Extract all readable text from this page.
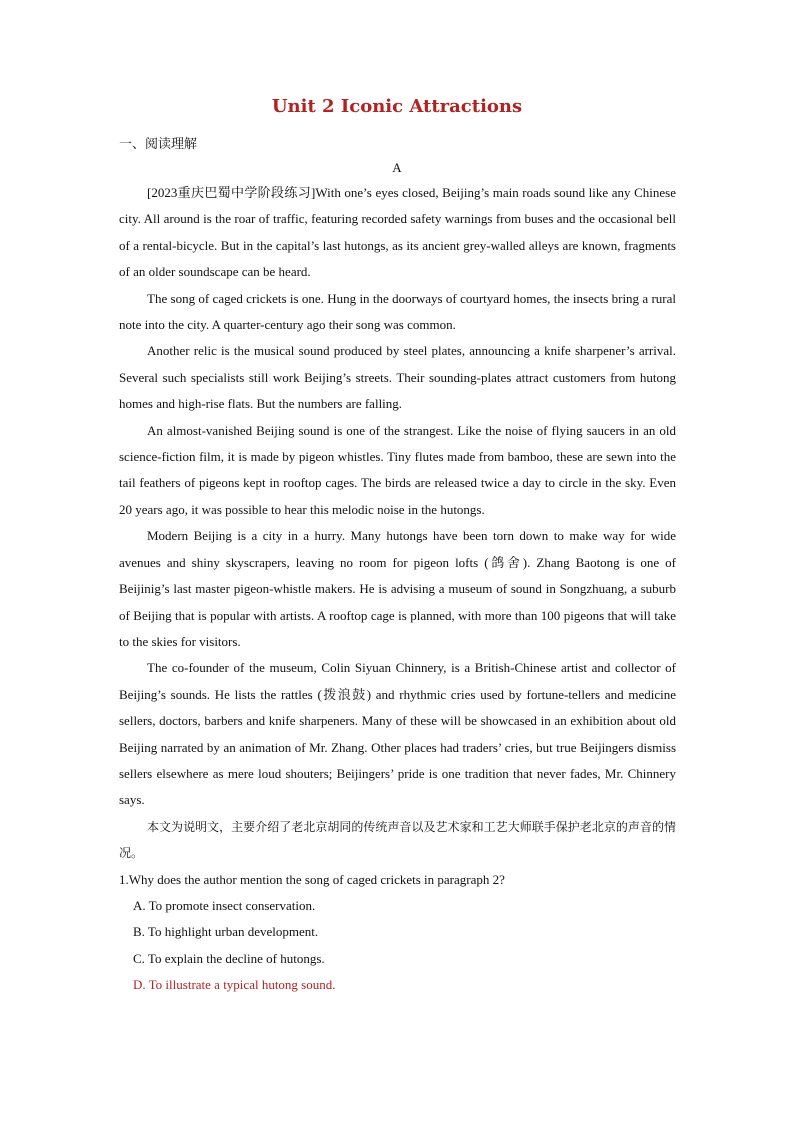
Unit 2 Iconic Attractions
一、阅读理解
A

[2023重庆巴蜀中学阶段练习]With one’s eyes closed, Beijing’s main roads sound like any Chinese city. All around is the roar of traffic, featuring recorded safety warnings from buses and the occasional bell of a rental-bicycle. But in the capital’s last hutongs, as its ancient grey-walled alleys are known, fragments of an older soundscape can be heard.

The song of caged crickets is one. Hung in the doorways of courtyard homes, the insects bring a rural note into the city. A quarter-century ago their song was common.

Another relic is the musical sound produced by steel plates, announcing a knife sharpener’s arrival. Several such specialists still work Beijing’s streets. Their sounding-plates attract customers from hutong homes and high-rise flats. But the numbers are falling.

An almost-vanished Beijing sound is one of the strangest. Like the noise of flying saucers in an old science-fiction film, it is made by pigeon whistles. Tiny flutes made from bamboo, these are sewn into the tail feathers of pigeons kept in rooftop cages. The birds are released twice a day to circle in the sky. Even 20 years ago, it was possible to hear this melodic noise in the hutongs.

Modern Beijing is a city in a hurry. Many hutongs have been torn down to make way for wide avenues and shiny skyscrapers, leaving no room for pigeon lofts (鸽舍). Zhang Baotong is one of Beijinig’s last master pigeon-whistle makers. He is advising a museum of sound in Songzhuang, a suburb of Beijing that is popular with artists. A rooftop cage is planned, with more than 100 pigeons that will take to the skies for visitors.

The co-founder of the museum, Colin Siyuan Chinnery, is a British-Chinese artist and collector of Beijing’s sounds. He lists the rattles (拨浪鼓) and rhythmic cries used by fortune-tellers and medicine sellers, doctors, barbers and knife sharpeners. Many of these will be showcased in an exhibition about old Beijing narrated by an animation of Mr. Zhang. Other places had traders’ cries, but true Beijingers dismiss sellers elsewhere as mere loud shouters; Beijingers’ pride is one tradition that never fades, Mr. Chinnery says.

本文为说明文，主要介绍了老北京胡同的传统声音以及艺术家和工艺大师联手保护老北京的声音的情况。

1.Why does the author mention the song of caged crickets in paragraph 2?

A. To promote insect conservation.

B. To highlight urban development.

C. To explain the decline of hutongs.

D. To illustrate a typical hutong sound.
